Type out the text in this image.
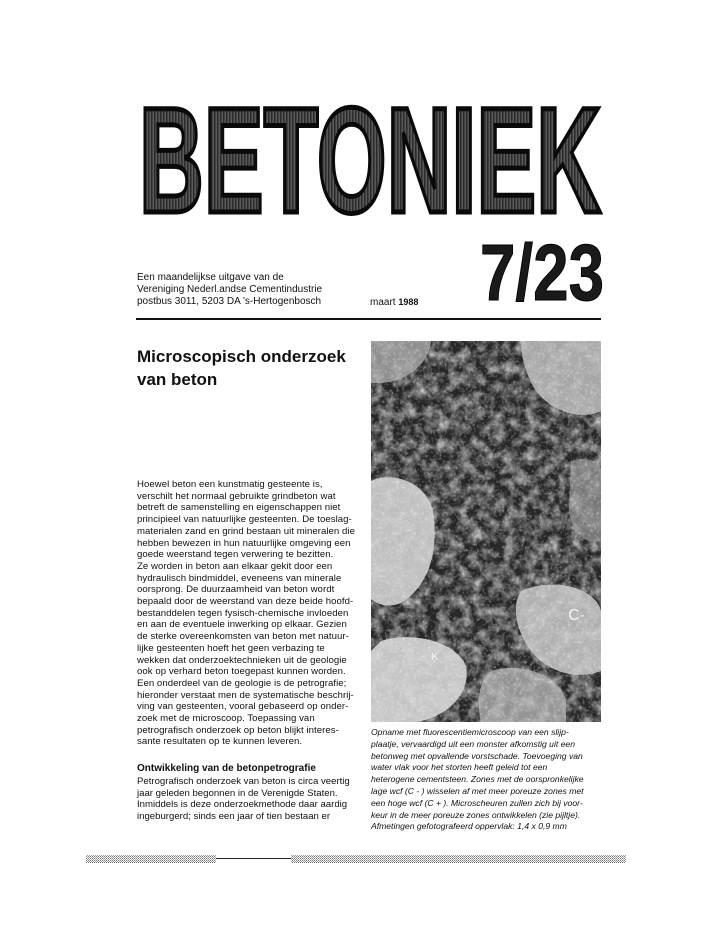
BETONIEK
7/23
Een maandelijkse uitgave van de
Vereniging Nederl.andse Cementindustrie
postbus 3011, 5203 DA 's-Hertogenbosch	maart 1988
Microscopisch onderzoek
van beton
C-
K
Hoewel beton een kunstmatig gesteente is,
verschilt het normaal gebruikte grindbeton wat
betreft de samenstelling en eigenschappen niet
principieel van natuurlijke gesteenten. De toeslag-
materialen zand en grind bestaan uit mineralen die
hebben bewezen in hun natuurlijke omgeving een
goede weerstand tegen verwering te bezitten.
Ze worden in beton aan elkaar gekit door een
hydraulisch bindmiddel, eveneens van minerale
oorsprong. De duurzaamheid van beton wordt
bepaald door de weerstand van deze beide hoofd-
bestanddelen tegen fysisch-chemische invloeden
en aan de eventuele inwerking op elkaar. Gezien
de sterke overeenkomsten van beton met natuur-
lijke gesteenten hoeft het geen verbazing te
wekken dat onderzoektechnieken uit de geologie
ook op verhard beton toegepast kunnen worden.
Een onderdeel van de geologie is de petrografie;
hieronder verstaat men de systematische beschrij-
ving van gesteenten, vooral gebaseerd op onder-
zoek met de microscoop. Toepassing van
petrografisch onderzoek op beton blijkt interes-
sante resultaten op te kunnen leveren.
Ontwikkeling van de betonpetrografie
Petrografisch onderzoek van beton is circa veertig
jaar geleden begonnen in de Verenigde Staten.
Inmiddels is deze onderzoekmethode daar aardig
ingeburgerd; sinds een jaar of tien bestaan er
Opname met fluorescentiemicroscoop van een slijp-
plaatje, vervaardigd uit een monster afkomstig uit een
betonweg met opvallende vorstschade. Toevoeging van
water vlak voor het storten heeft geleid tot een
heterogene cementsteen. Zones met de oorspronkelijke
lage wcf (C - ) wisselen af met meer poreuze zones met
een hoge wcf (C + ). Microscheuren zullen zich bij voor-
keur in de meer poreuze zones ontwikkelen (zie pijltje).
Afmetingen gefotografeerd oppervlak: 1,4 x 0,9 mm
